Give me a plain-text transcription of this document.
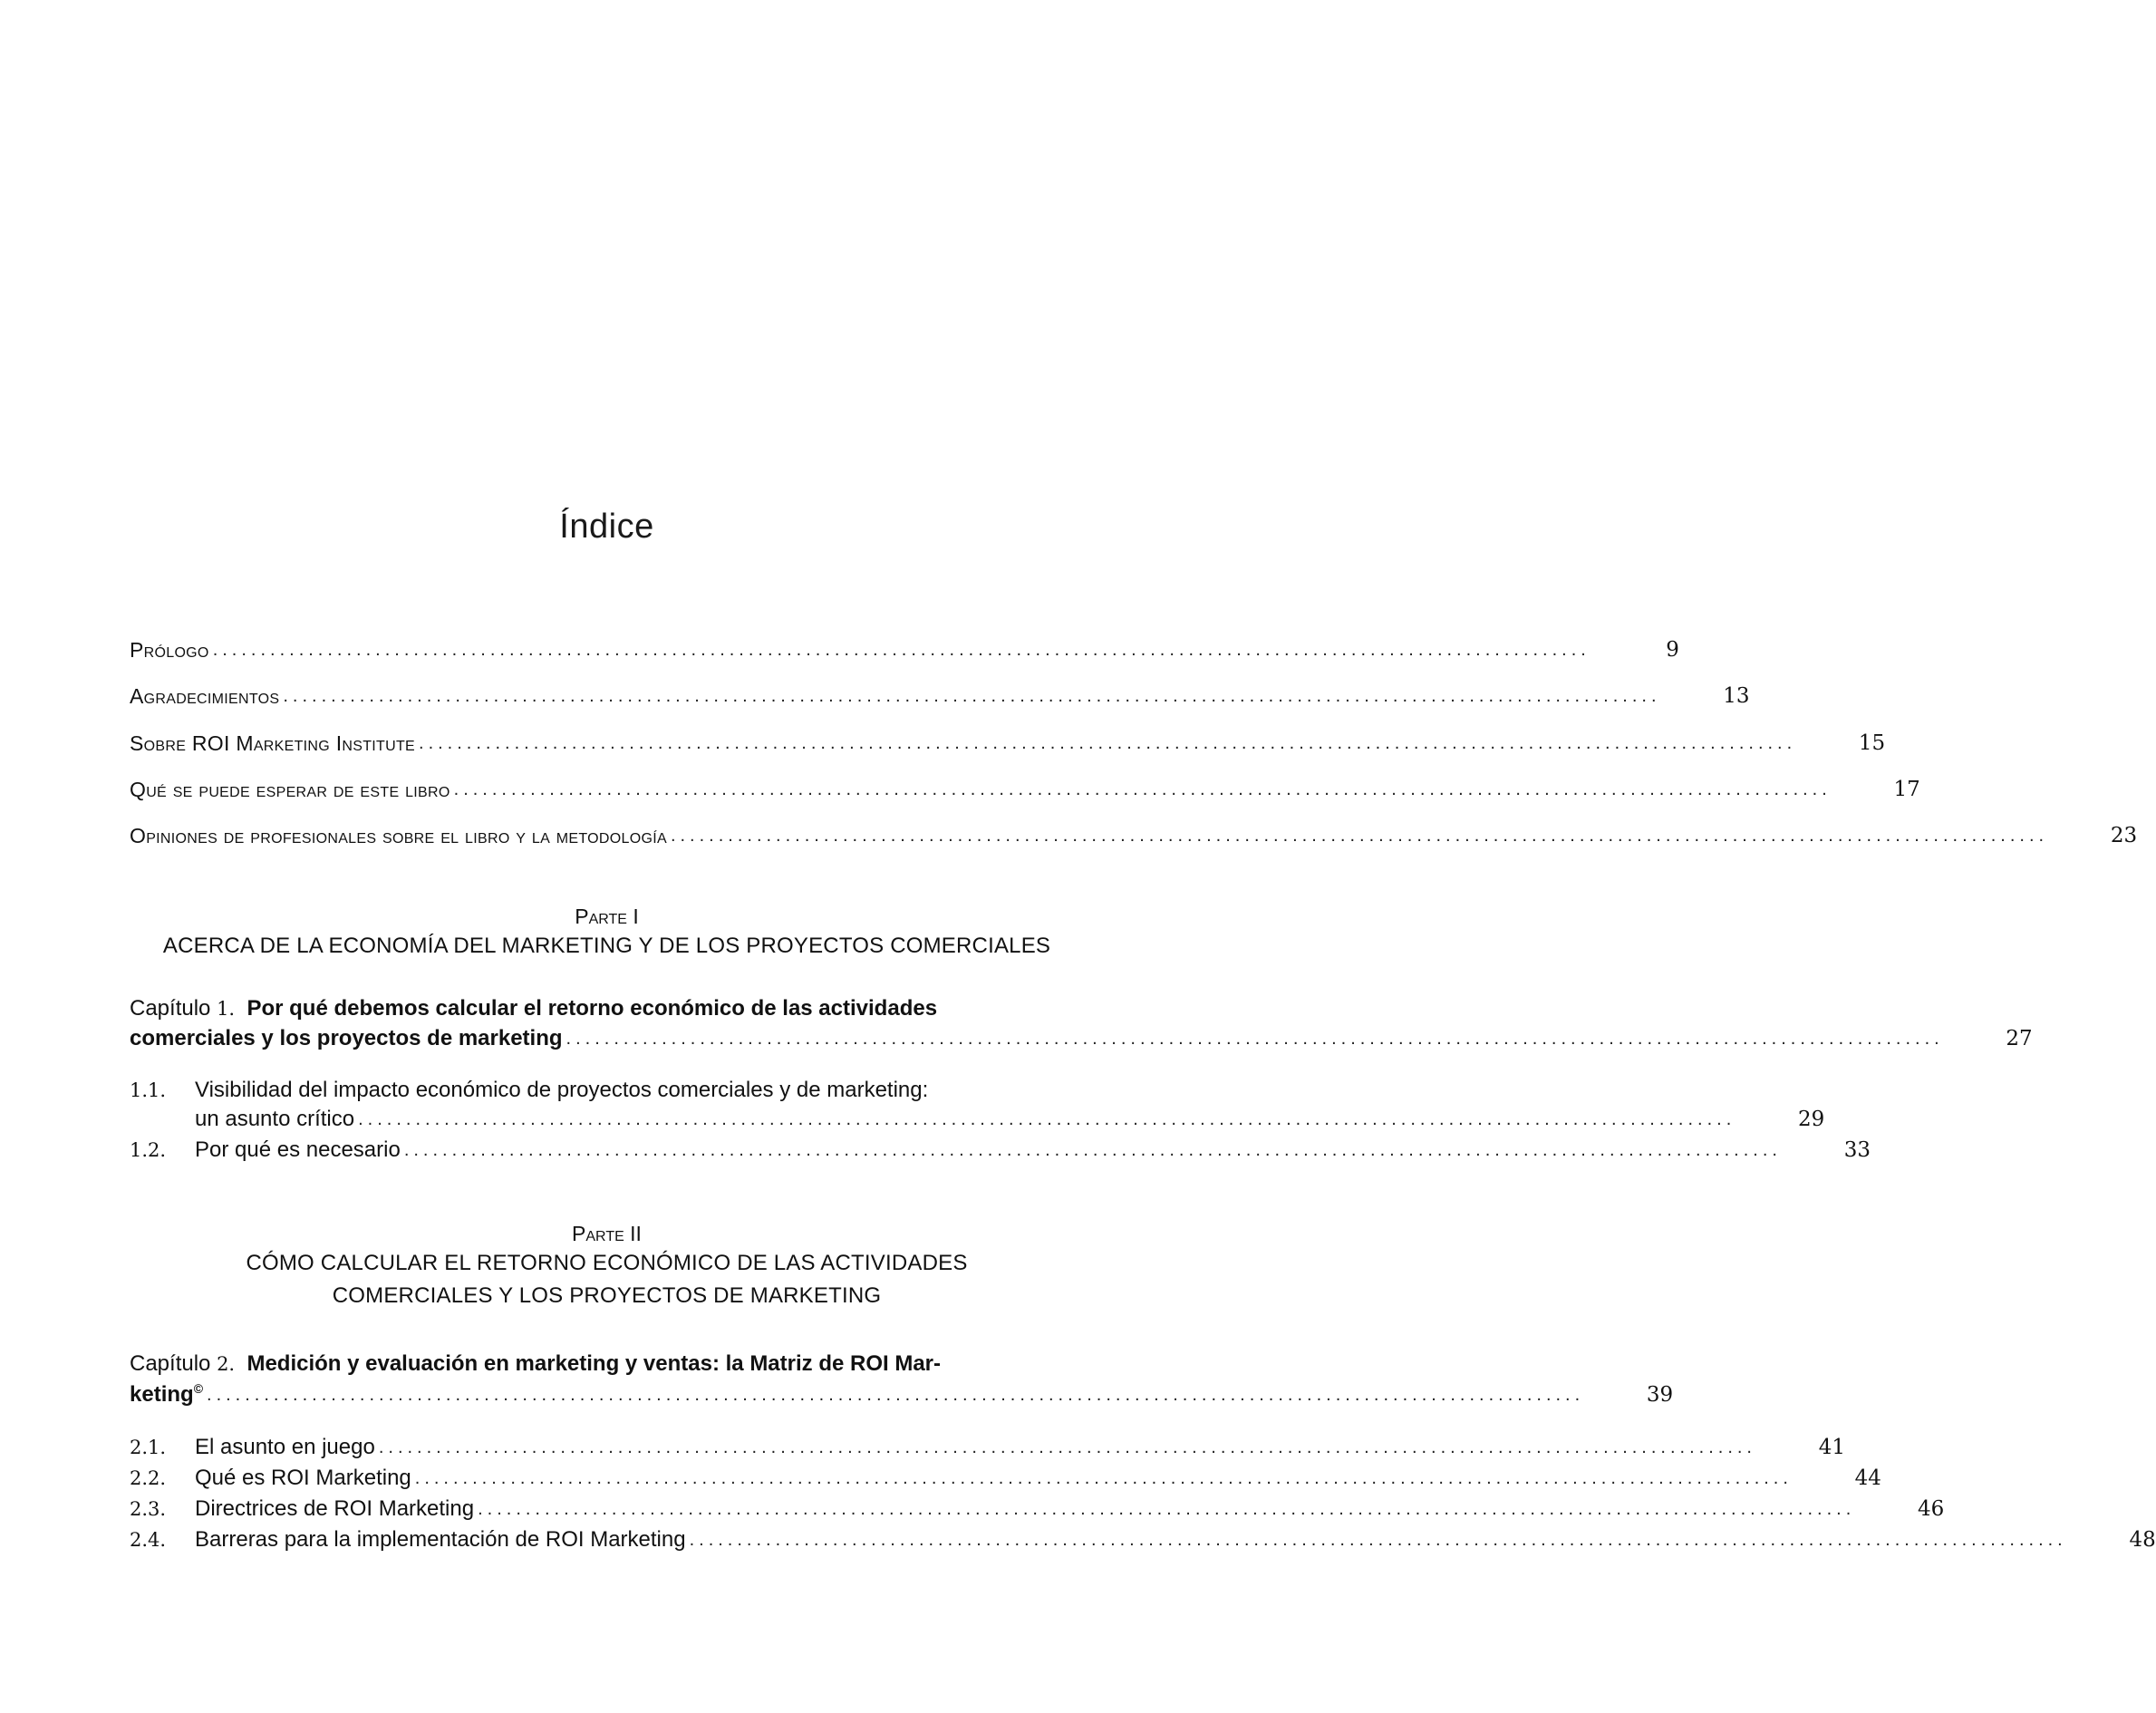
Índice
Prólogo ................................................................................................................................................	9
Agradecimientos ................................................................................................................................................	13
Sobre ROI Marketing Institute ................................................................................................................................................	15
Qué se puede esperar de este libro ................................................................................................................................................	17
Opiniones de profesionales sobre el libro y la metodología ................................................................................................................................................	23
Parte I
ACERCA DE LA ECONOMÍA DEL MARKETING Y DE LOS PROYECTOS COMERCIALES
Capítulo 1. Por qué debemos calcular el retorno económico de las actividades
comerciales y los proyectos de marketing ................................................................................................................................................	27
1.1. Visibilidad del impacto económico de proyectos comerciales y de marketing:
un asunto crítico ................................................................................................................................................	29
1.2. Por qué es necesario ................................................................................................................................................	33
Parte II
CÓMO CALCULAR EL RETORNO ECONÓMICO DE LAS ACTIVIDADES
COMERCIALES Y LOS PROYECTOS DE MARKETING
Capítulo 2. Medición y evaluación en marketing y ventas: la Matriz de ROI Mar-
keting© ................................................................................................................................................	39
2.1. El asunto en juego ................................................................................................................................................	41
2.2. Qué es ROI Marketing ................................................................................................................................................	44
2.3. Directrices de ROI Marketing ................................................................................................................................................	46
2.4. Barreras para la implementación de ROI Marketing ................................................................................................................................................	48
